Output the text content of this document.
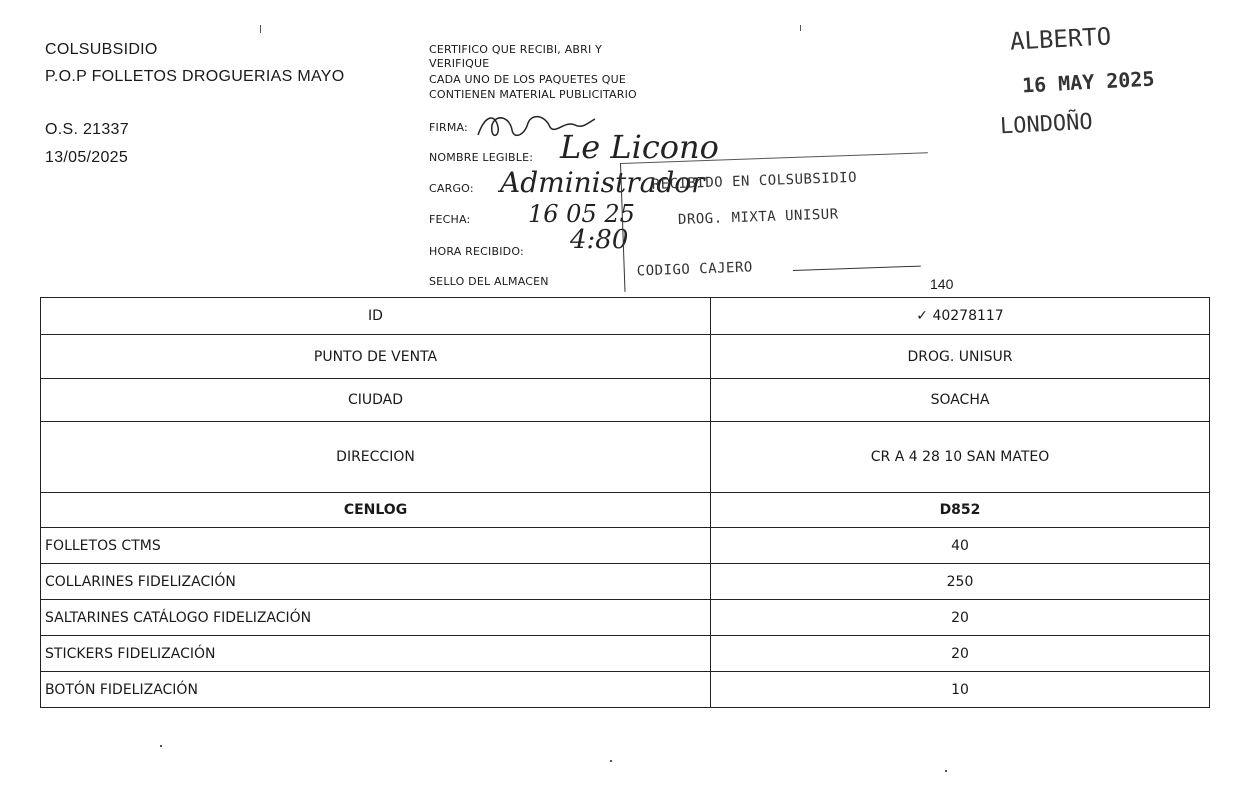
COLSUBSIDIO
P.O.P FOLLETOS DROGUERIAS MAYO
O.S. 21337
13/05/2025
CERTIFICO QUE RECIBI, ABRI Y
VERIFIQUE
CADA UNO DE LOS PAQUETES QUE
CONTIENEN MATERIAL PUBLICITARIO
FIRMA:
NOMBRE LEGIBLE:
CARGO:
FECHA:
HORA RECIBIDO:
SELLO DEL ALMACEN
Le Licono
Administrador
16 05 25
4:80
RECIBIDO EN COLSUBSIDIO
DROG. MIXTA UNISUR
CODIGO CAJERO
ALBERTO
16 MAY 2025
LONDOÑO
140
ID	✓ 40278117
PUNTO DE VENTA	DROG. UNISUR
CIUDAD	SOACHA
DIRECCION	CR A 4 28 10 SAN MATEO
CENLOG	D852
FOLLETOS CTMS	40
COLLARINES FIDELIZACIÓN	250
SALTARINES CATÁLOGO FIDELIZACIÓN	20
STICKERS FIDELIZACIÓN	20
BOTÓN FIDELIZACIÓN	10
